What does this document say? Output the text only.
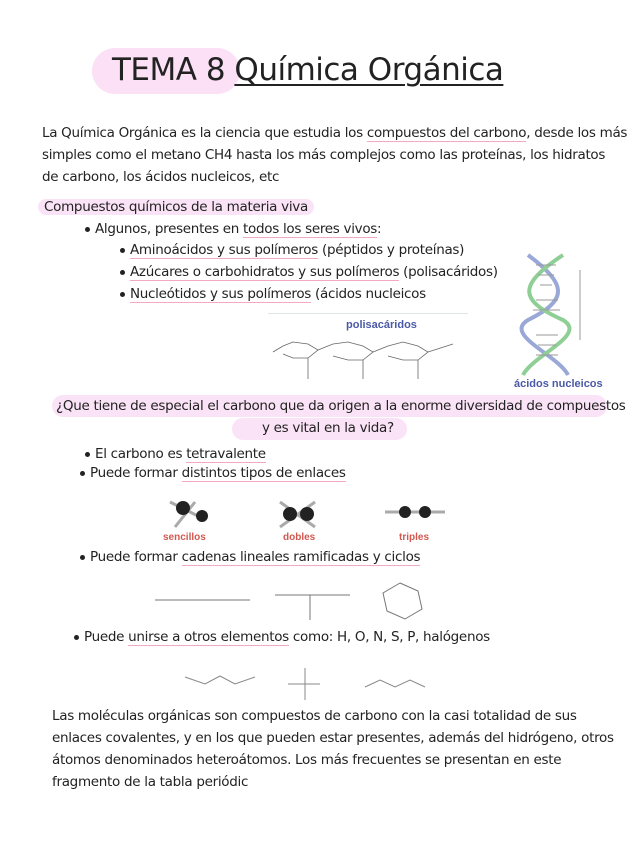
TEMA 8 Química Orgánica
La Química Orgánica es la ciencia que estudia los compuestos del carbono, desde los más
simples como el metano CH4 hasta los más complejos como las proteínas, los hidratos
de carbono, los ácidos nucleicos, etc
Compuestos químicos de la materia viva
Algunos, presentes en todos los seres vivos:
Aminoácidos y sus polímeros (péptidos y proteínas)
Azúcares o carbohidratos y sus polímeros (polisacáridos)
Nucleótidos y sus polímeros (ácidos nucleicos
polisacáridos
ácidos nucleicos
¿Que tiene de especial el carbono que da origen a la enorme diversidad de compuestos
y es vital en la vida?
El carbono es tetravalente
Puede formar distintos tipos de enlaces
sencillos	dobles	triples
Puede formar cadenas lineales ramificadas y ciclos
Puede unirse a otros elementos como: H, O, N, S, P, halógenos
Las moléculas orgánicas son compuestos de carbono con la casi totalidad de sus
enlaces covalentes, y en los que pueden estar presentes, además del hidrógeno, otros
átomos denominados heteroátomos. Los más frecuentes se presentan en este
fragmento de la tabla periódic
